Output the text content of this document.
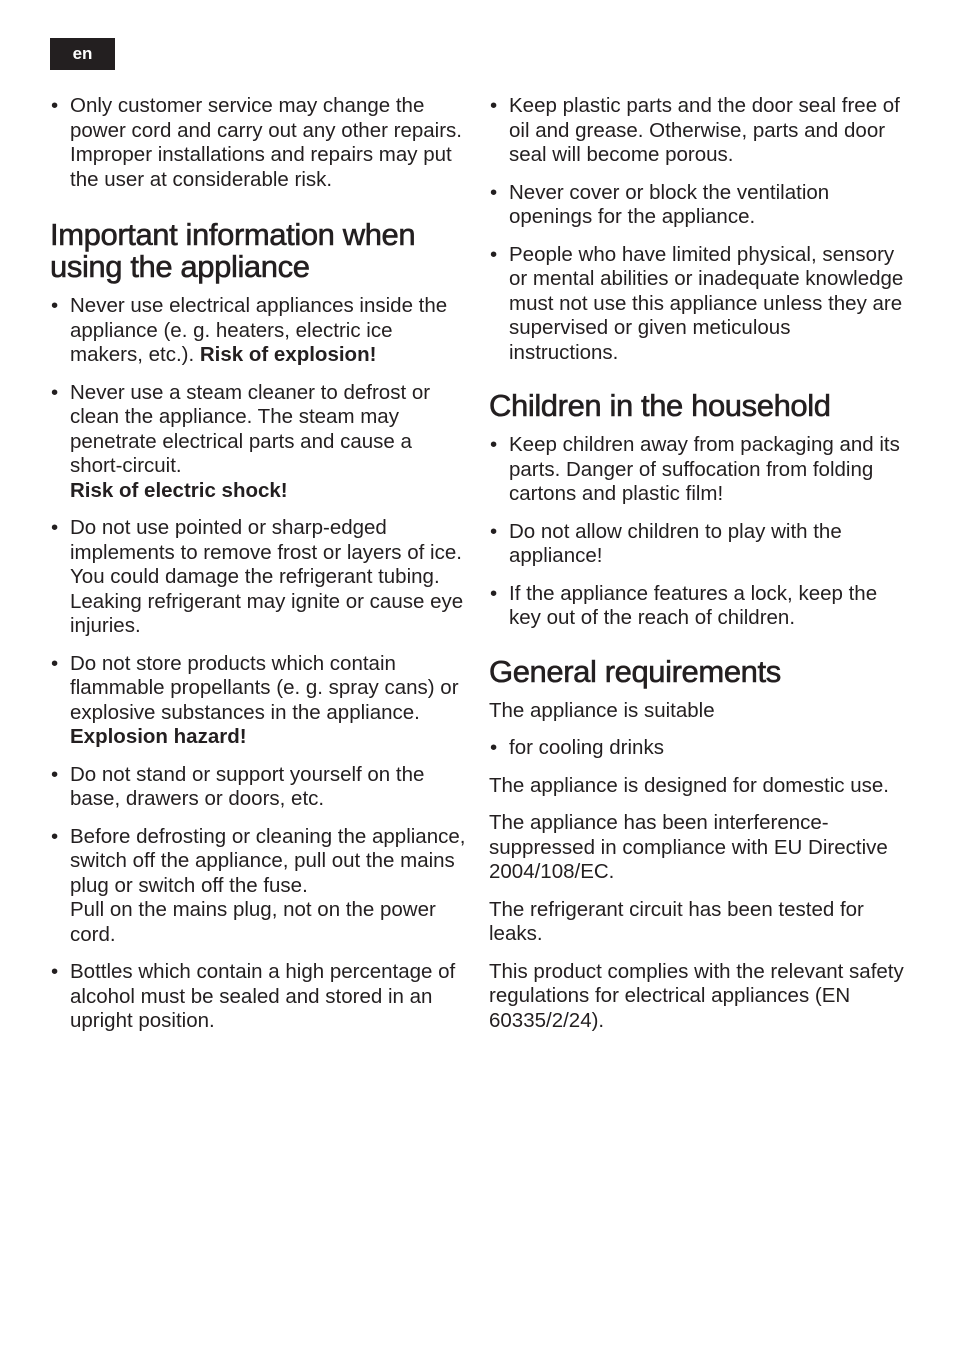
en
• Only customer service may change the power cord and carry out any other repairs. Improper installations and repairs may put the user at considerable risk.

Important information when using the appliance
• Never use electrical appliances inside the appliance (e. g. heaters, electric ice makers, etc.). Risk of explosion!

• Never use a steam cleaner to defrost or clean the appliance. The steam may penetrate electrical parts and cause a short-circuit.

Risk of electric shock!

• Do not use pointed or sharp-edged implements to remove frost or layers of ice.

You could damage the refrigerant tubing. Leaking refrigerant may ignite or cause eye injuries.

• Do not store products which contain flammable propellants (e. g. spray cans) or explosive substances in the appliance. Explosion hazard!

• Do not stand or support yourself on the base, drawers or doors, etc.

• Before defrosting or cleaning the appliance, switch off the appliance, pull out the mains plug or switch off the fuse.

Pull on the mains plug, not on the power cord.

• Bottles which contain a high percentage of alcohol must be sealed and stored in an upright position.

• Keep plastic parts and the door seal free of oil and grease. Otherwise, parts and door seal will become porous.

• Never cover or block the ventilation openings for the appliance.

• People who have limited physical, sensory or mental abilities or inadequate knowledge must not use this appliance unless they are supervised or given meticulous instructions.

Children in the household
• Keep children away from packaging and its parts. Danger of suffocation from folding cartons and plastic film!

• Do not allow children to play with the appliance!

• If the appliance features a lock, keep the key out of the reach of children.

General requirements

The appliance is suitable

• for cooling drinks

The appliance is designed for domestic use.

The appliance has been interference-suppressed in compliance with EU Directive 2004/108/EC.

The refrigerant circuit has been tested for leaks.

This product complies with the relevant safety regulations for electrical appliances (EN 60335/2/24).
